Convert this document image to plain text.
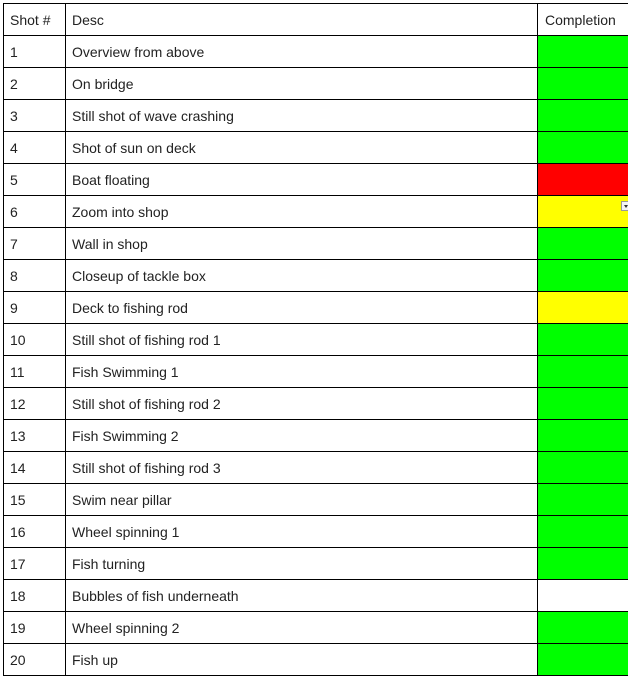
Shot #	Desc	Completion
1	Overview from above	
2	On bridge	
3	Still shot of wave crashing	
4	Shot of sun on deck	
5	Boat floating	
6	Zoom into shop	

7	Wall in shop	
8	Closeup of tackle box	
9	Deck to fishing rod	
10	Still shot of fishing rod 1	
11	Fish Swimming 1	
12	Still shot of fishing rod 2	
13	Fish Swimming 2	
14	Still shot of fishing rod 3	
15	Swim near pillar	
16	Wheel spinning 1	
17	Fish turning	
18	Bubbles of fish underneath	
19	Wheel spinning 2	
20	Fish up	
